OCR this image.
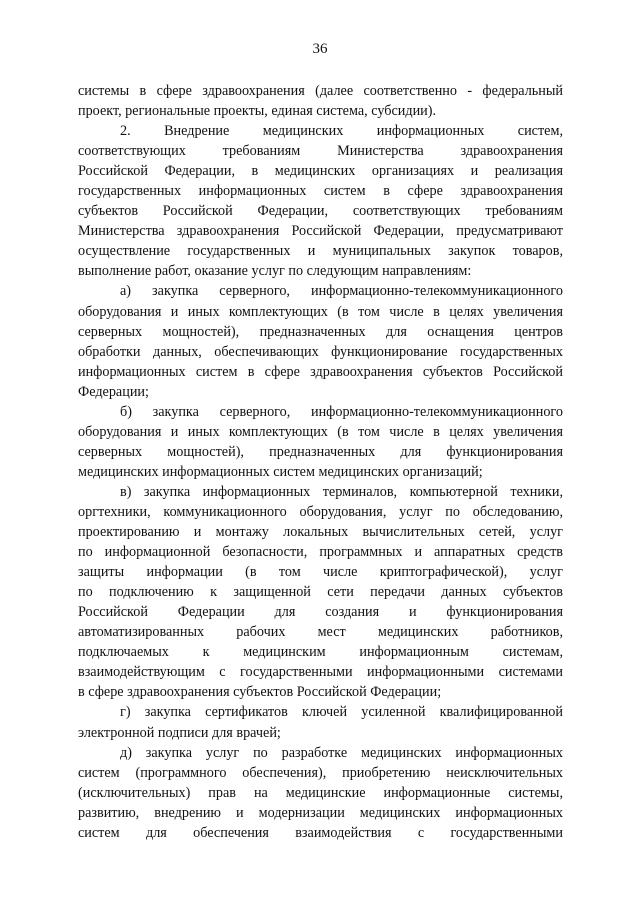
36
системы в сфере здравоохранения (далее соответственно - федеральный
проект, региональные проекты, единая система, субсидии).
2. Внедрение медицинских информационных систем,
соответствующих требованиям Министерства здравоохранения
Российской Федерации, в медицинских организациях и реализация
государственных информационных систем в сфере здравоохранения
субъектов Российской Федерации, соответствующих требованиям
Министерства здравоохранения Российской Федерации, предусматривают
осуществление государственных и муниципальных закупок товаров,
выполнение работ, оказание услуг по следующим направлениям:
а) закупка серверного, информационно-телекоммуникационного
оборудования и иных комплектующих (в том числе в целях увеличения
серверных мощностей), предназначенных для оснащения центров
обработки данных, обеспечивающих функционирование государственных
информационных систем в сфере здравоохранения субъектов Российской
Федерации;
б) закупка серверного, информационно-телекоммуникационного
оборудования и иных комплектующих (в том числе в целях увеличения
серверных мощностей), предназначенных для функционирования
медицинских информационных систем медицинских организаций;
в) закупка информационных терминалов, компьютерной техники,
оргтехники, коммуникационного оборудования, услуг по обследованию,
проектированию и монтажу локальных вычислительных сетей, услуг
по информационной безопасности, программных и аппаратных средств
защиты информации (в том числе криптографической), услуг
по подключению к защищенной сети передачи данных субъектов
Российской Федерации для создания и функционирования
автоматизированных рабочих мест медицинских работников,
подключаемых к медицинским информационным системам,
взаимодействующим с государственными информационными системами
в сфере здравоохранения субъектов Российской Федерации;
г) закупка сертификатов ключей усиленной квалифицированной
электронной подписи для врачей;
д) закупка услуг по разработке медицинских информационных
систем (программного обеспечения), приобретению неисключительных
(исключительных) прав на медицинские информационные системы,
развитию, внедрению и модернизации медицинских информационных
систем для обеспечения взаимодействия с государственными
